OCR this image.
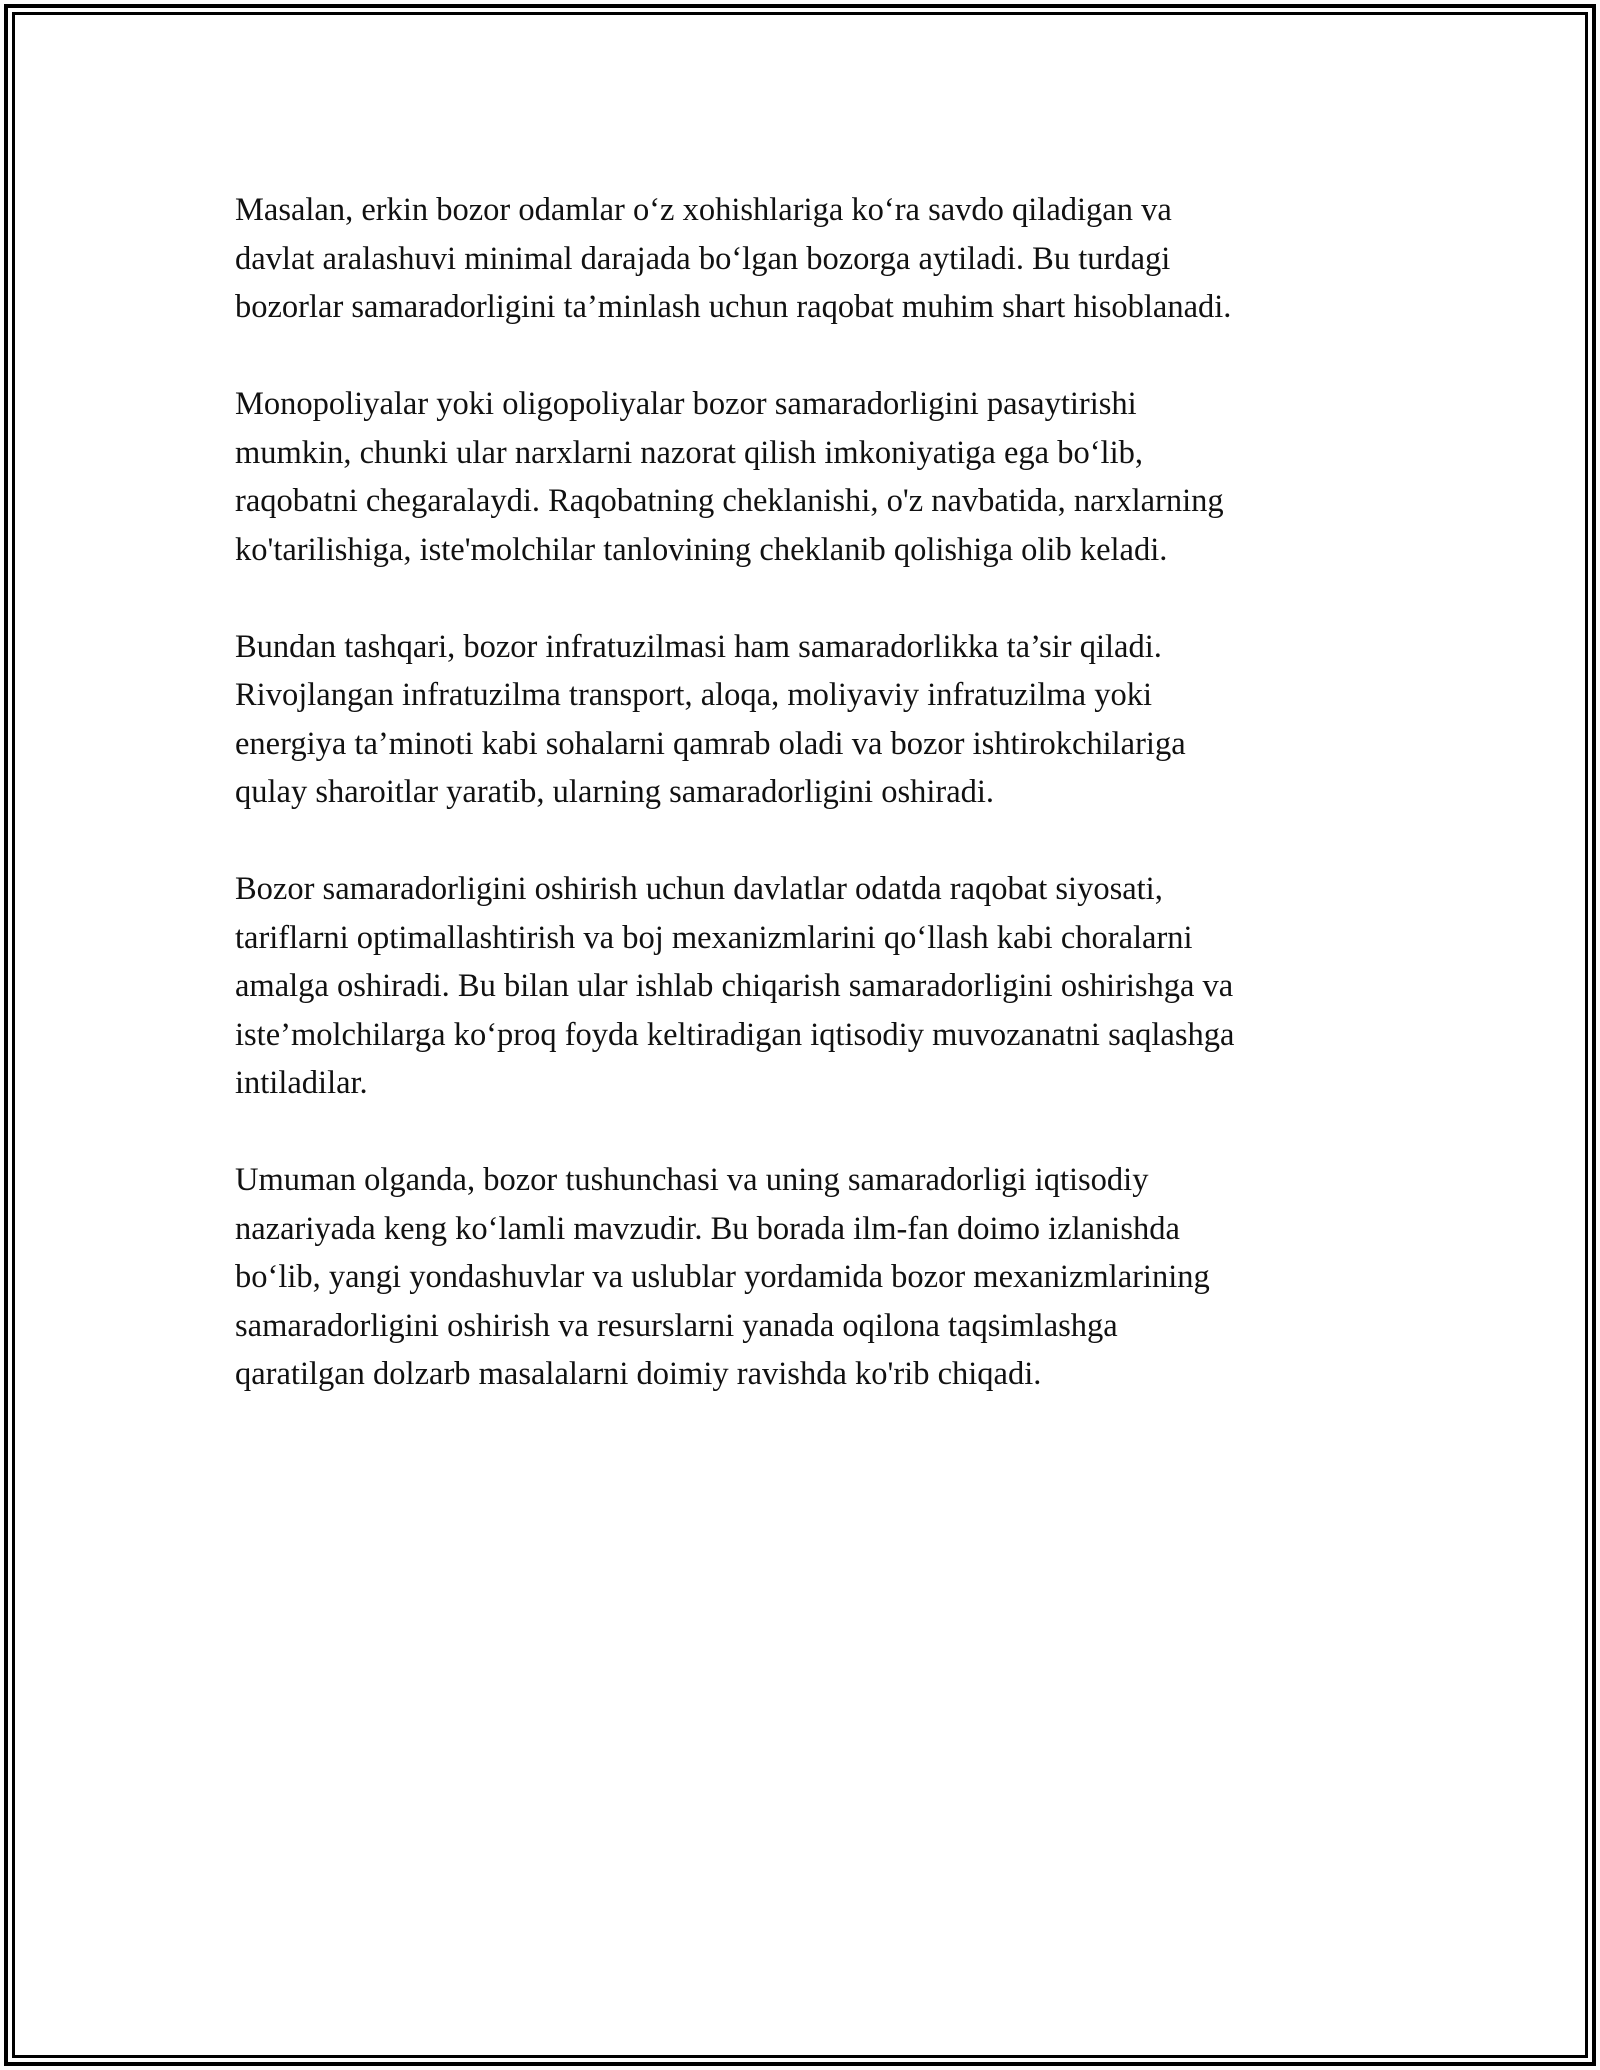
Masalan, erkin bozor odamlar o‘z xohishlariga ko‘ra savdo qiladigan va
davlat aralashuvi minimal darajada bo‘lgan bozorga aytiladi. Bu turdagi
bozorlar samaradorligini ta’minlash uchun raqobat muhim shart hisoblanadi.

Monopoliyalar yoki oligopoliyalar bozor samaradorligini pasaytirishi
mumkin, chunki ular narxlarni nazorat qilish imkoniyatiga ega bo‘lib,
raqobatni chegaralaydi. Raqobatning cheklanishi, o'z navbatida, narxlarning
ko'tarilishiga, iste'molchilar tanlovining cheklanib qolishiga olib keladi.

Bundan tashqari, bozor infratuzilmasi ham samaradorlikka ta’sir qiladi.
Rivojlangan infratuzilma transport, aloqa, moliyaviy infratuzilma yoki
energiya ta’minoti kabi sohalarni qamrab oladi va bozor ishtirokchilariga
qulay sharoitlar yaratib, ularning samaradorligini oshiradi.

Bozor samaradorligini oshirish uchun davlatlar odatda raqobat siyosati,
tariflarni optimallashtirish va boj mexanizmlarini qo‘llash kabi choralarni
amalga oshiradi. Bu bilan ular ishlab chiqarish samaradorligini oshirishga va
iste’molchilarga ko‘proq foyda keltiradigan iqtisodiy muvozanatni saqlashga
intiladilar.

Umuman olganda, bozor tushunchasi va uning samaradorligi iqtisodiy
nazariyada keng ko‘lamli mavzudir. Bu borada ilm-fan doimo izlanishda
bo‘lib, yangi yondashuvlar va uslublar yordamida bozor mexanizmlarining
samaradorligini oshirish va resurslarni yanada oqilona taqsimlashga
qaratilgan dolzarb masalalarni doimiy ravishda ko'rib chiqadi.
